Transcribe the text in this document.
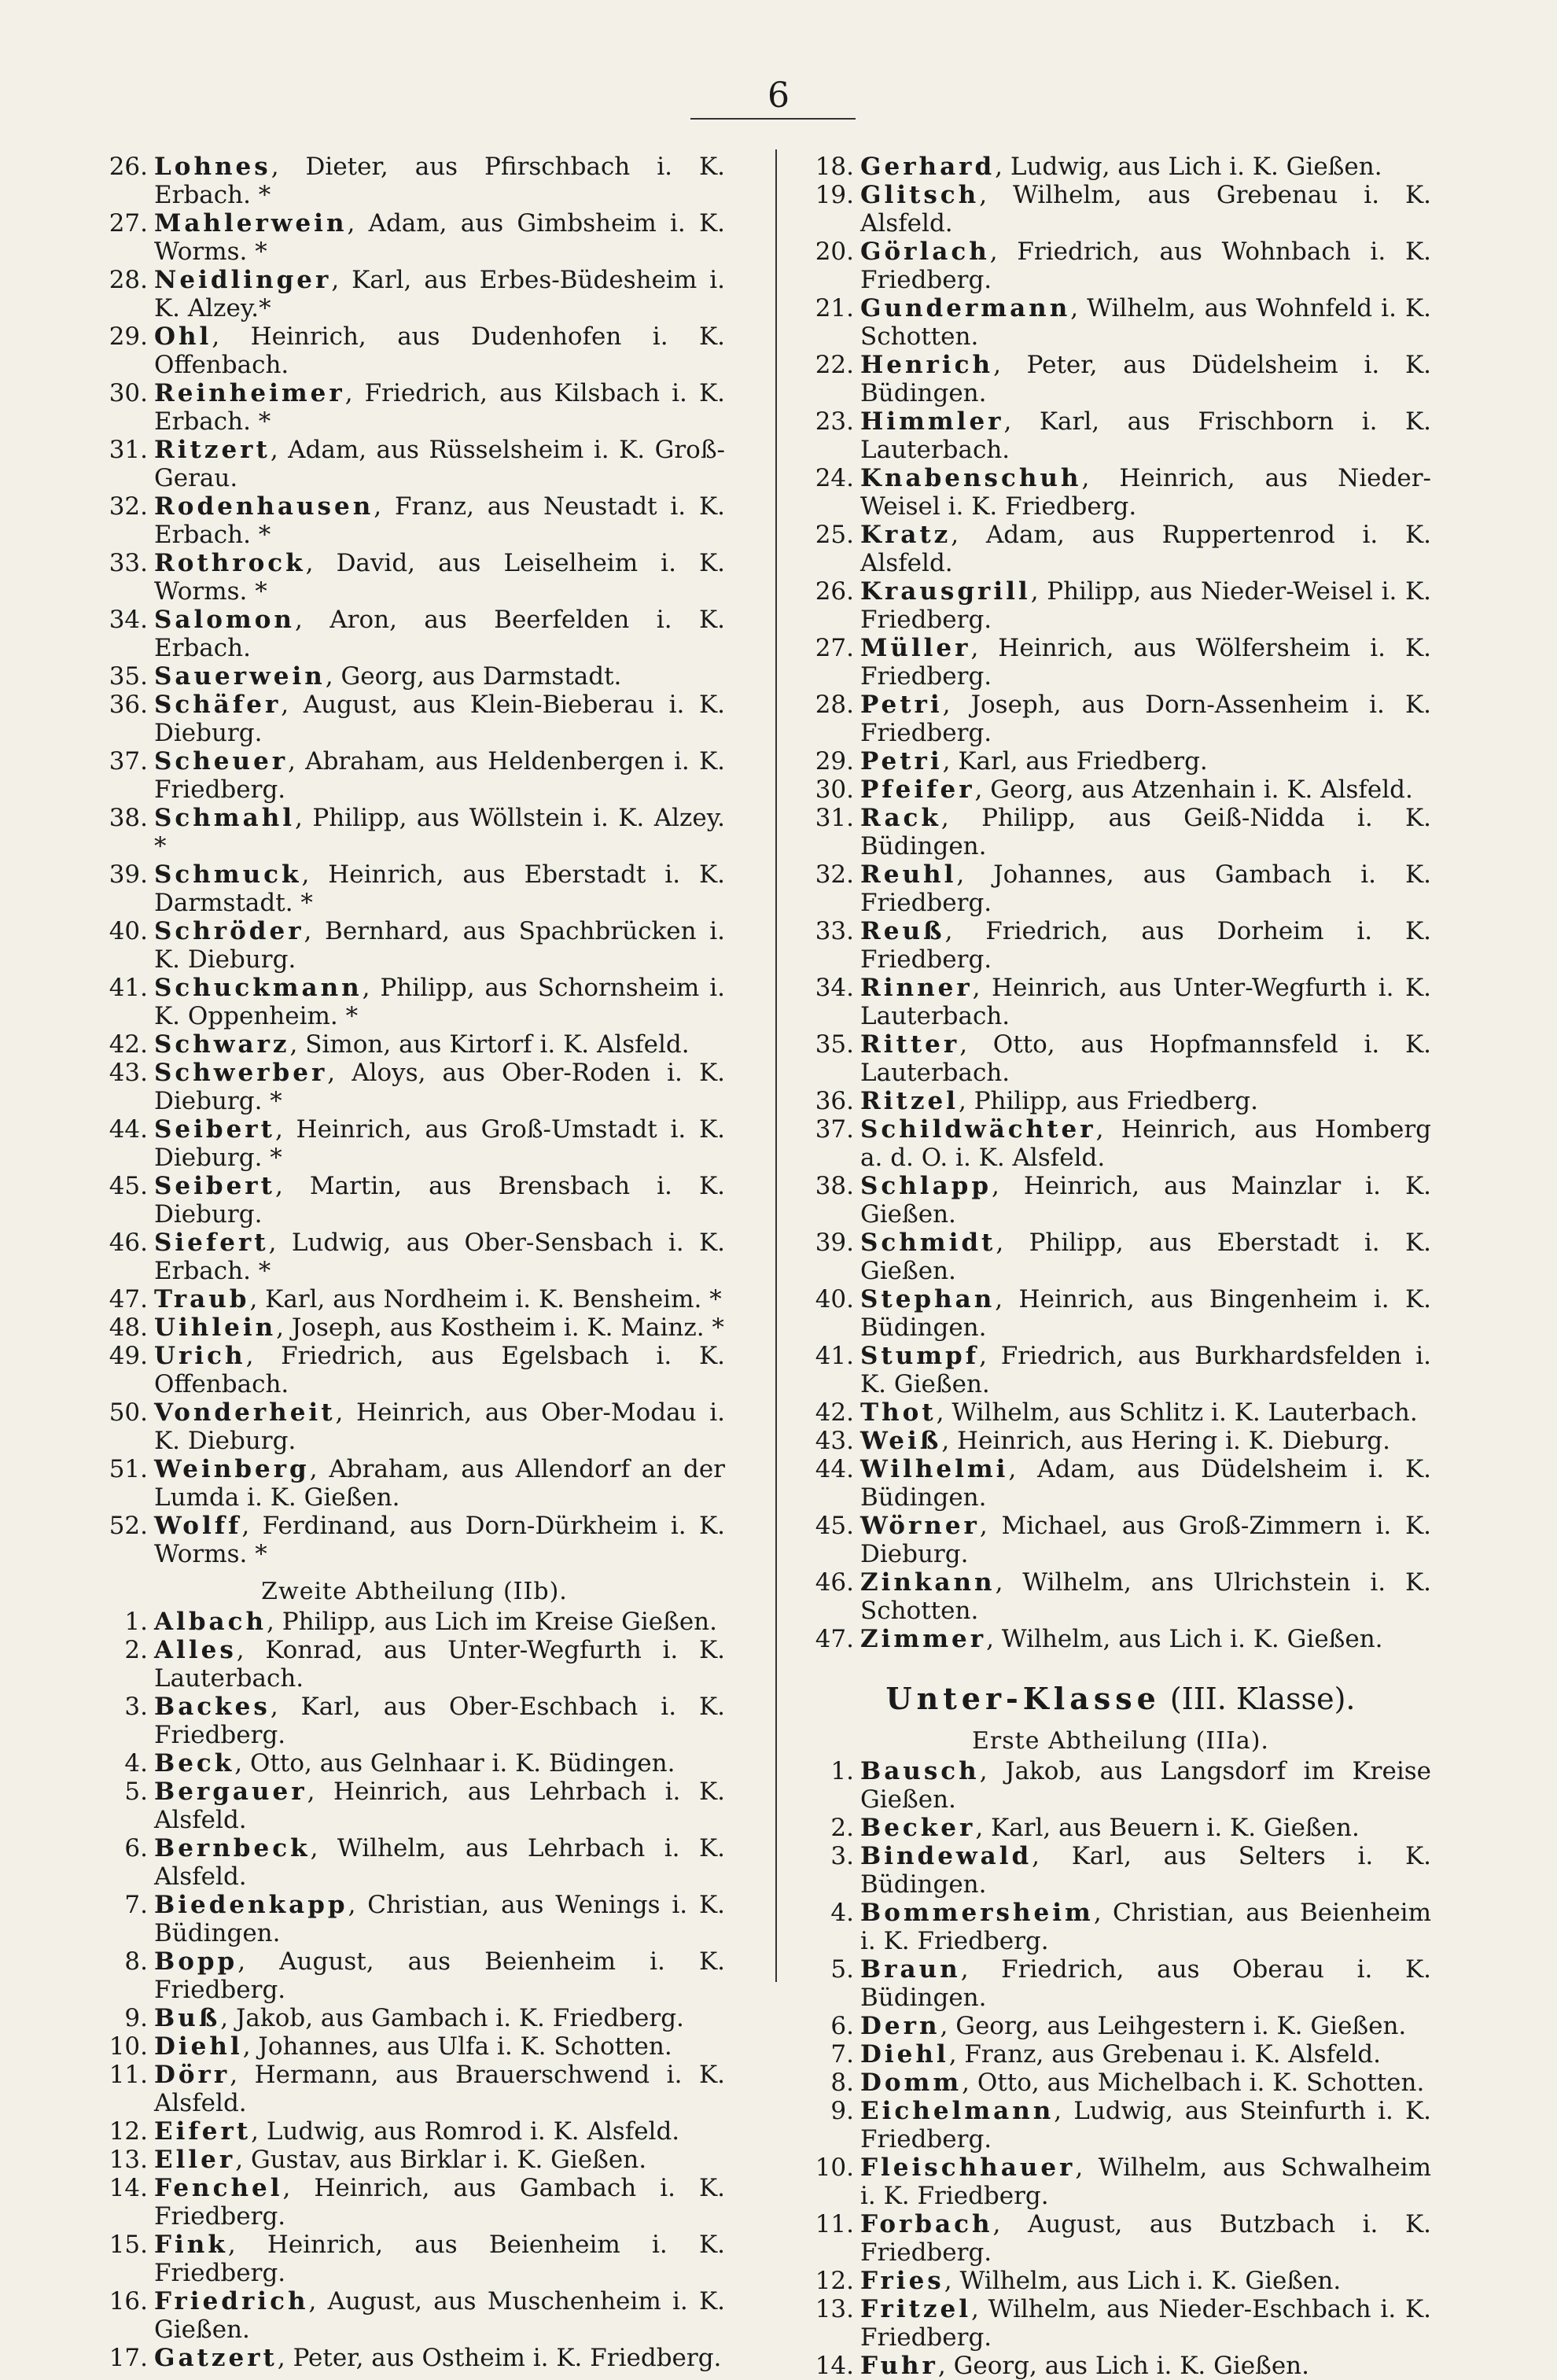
6
26. Lohnes, Dieter, aus Pfirschbach i. K. Erbach. *
27. Mahlerwein, Adam, aus Gimbsheim i. K. Worms. *
28. Neidlinger, Karl, aus Erbes-Büdesheim i. K. Alzey.*
29. Ohl, Heinrich, aus Dudenhofen i. K. Offenbach.
30. Reinheimer, Friedrich, aus Kilsbach i. K. Erbach. *
31. Ritzert, Adam, aus Rüsselsheim i. K. Groß-Gerau.
32. Rodenhausen, Franz, aus Neustadt i. K. Erbach. *
33. Rothrock, David, aus Leiselheim i. K. Worms. *
34. Salomon, Aron, aus Beerfelden i. K. Erbach.
35. Sauerwein, Georg, aus Darmstadt.
36. Schäfer, August, aus Klein-Bieberau i. K. Dieburg.
37. Scheuer, Abraham, aus Heldenbergen i. K. Friedberg.
38. Schmahl, Philipp, aus Wöllstein i. K. Alzey. *
39. Schmuck, Heinrich, aus Eberstadt i. K. Darmstadt. *
40. Schröder, Bernhard, aus Spachbrücken i. K. Dieburg.
41. Schuckmann, Philipp, aus Schornsheim i. K. Oppenheim. *
42. Schwarz, Simon, aus Kirtorf i. K. Alsfeld.
43. Schwerber, Aloys, aus Ober-Roden i. K. Dieburg. *
44. Seibert, Heinrich, aus Groß-Umstadt i. K. Dieburg. *
45. Seibert, Martin, aus Brensbach i. K. Dieburg.
46. Siefert, Ludwig, aus Ober-Sensbach i. K. Erbach. *
47. Traub, Karl, aus Nordheim i. K. Bensheim. *
48. Uihlein, Joseph, aus Kostheim i. K. Mainz. *
49. Urich, Friedrich, aus Egelsbach i. K. Offenbach.
50. Vonderheit, Heinrich, aus Ober-Modau i. K. Dieburg.
51. Weinberg, Abraham, aus Allendorf an der Lumda i. K. Gießen.
52. Wolff, Ferdinand, aus Dorn-Dürkheim i. K. Worms. *
Zweite Abtheilung (IIb).
1. Albach, Philipp, aus Lich im Kreise Gießen.
2. Alles, Konrad, aus Unter-Wegfurth i. K. Lauterbach.
3. Backes, Karl, aus Ober-Eschbach i. K. Friedberg.
4. Beck, Otto, aus Gelnhaar i. K. Büdingen.
5. Bergauer, Heinrich, aus Lehrbach i. K. Alsfeld.
6. Bernbeck, Wilhelm, aus Lehrbach i. K. Alsfeld.
7. Biedenkapp, Christian, aus Wenings i. K. Büdingen.
8. Bopp, August, aus Beienheim i. K. Friedberg.
9. Buß, Jakob, aus Gambach i. K. Friedberg.
10. Diehl, Johannes, aus Ulfa i. K. Schotten.
11. Dörr, Hermann, aus Brauerschwend i. K. Alsfeld.
12. Eifert, Ludwig, aus Romrod i. K. Alsfeld.
13. Eller, Gustav, aus Birklar i. K. Gießen.
14. Fenchel, Heinrich, aus Gambach i. K. Friedberg.
15. Fink, Heinrich, aus Beienheim i. K. Friedberg.
16. Friedrich, August, aus Muschenheim i. K. Gießen.
17. Gatzert, Peter, aus Ostheim i. K. Friedberg.
18. Gerhard, Ludwig, aus Lich i. K. Gießen.
19. Glitsch, Wilhelm, aus Grebenau i. K. Alsfeld.
20. Görlach, Friedrich, aus Wohnbach i. K. Friedberg.
21. Gundermann, Wilhelm, aus Wohnfeld i. K. Schotten.
22. Henrich, Peter, aus Düdelsheim i. K. Büdingen.
23. Himmler, Karl, aus Frischborn i. K. Lauterbach.
24. Knabenschuh, Heinrich, aus Nieder-Weisel i. K. Friedberg.
25. Kratz, Adam, aus Ruppertenrod i. K. Alsfeld.
26. Krausgrill, Philipp, aus Nieder-Weisel i. K. Friedberg.
27. Müller, Heinrich, aus Wölfersheim i. K. Friedberg.
28. Petri, Joseph, aus Dorn-Assenheim i. K. Friedberg.
29. Petri, Karl, aus Friedberg.
30. Pfeifer, Georg, aus Atzenhain i. K. Alsfeld.
31. Rack, Philipp, aus Geiß-Nidda i. K. Büdingen.
32. Reuhl, Johannes, aus Gambach i. K. Friedberg.
33. Reuß, Friedrich, aus Dorheim i. K. Friedberg.
34. Rinner, Heinrich, aus Unter-Wegfurth i. K. Lauterbach.
35. Ritter, Otto, aus Hopfmannsfeld i. K. Lauterbach.
36. Ritzel, Philipp, aus Friedberg.
37. Schildwächter, Heinrich, aus Homberg a. d. O. i. K. Alsfeld.
38. Schlapp, Heinrich, aus Mainzlar i. K. Gießen.
39. Schmidt, Philipp, aus Eberstadt i. K. Gießen.
40. Stephan, Heinrich, aus Bingenheim i. K. Büdingen.
41. Stumpf, Friedrich, aus Burkhardsfelden i. K. Gießen.
42. Thot, Wilhelm, aus Schlitz i. K. Lauterbach.
43. Weiß, Heinrich, aus Hering i. K. Dieburg.
44. Wilhelmi, Adam, aus Düdelsheim i. K. Büdingen.
45. Wörner, Michael, aus Groß-Zimmern i. K. Dieburg.
46. Zinkann, Wilhelm, ans Ulrichstein i. K. Schotten.
47. Zimmer, Wilhelm, aus Lich i. K. Gießen.
Unter-Klasse (III. Klasse).
Erste Abtheilung (IIIa).
1. Bausch, Jakob, aus Langsdorf im Kreise Gießen.
2. Becker, Karl, aus Beuern i. K. Gießen.
3. Bindewald, Karl, aus Selters i. K. Büdingen.
4. Bommersheim, Christian, aus Beienheim i. K. Friedberg.
5. Braun, Friedrich, aus Oberau i. K. Büdingen.
6. Dern, Georg, aus Leihgestern i. K. Gießen.
7. Diehl, Franz, aus Grebenau i. K. Alsfeld.
8. Domm, Otto, aus Michelbach i. K. Schotten.
9. Eichelmann, Ludwig, aus Steinfurth i. K. Friedberg.
10. Fleischhauer, Wilhelm, aus Schwalheim i. K. Friedberg.
11. Forbach, August, aus Butzbach i. K. Friedberg.
12. Fries, Wilhelm, aus Lich i. K. Gießen.
13. Fritzel, Wilhelm, aus Nieder-Eschbach i. K. Friedberg.
14. Fuhr, Georg, aus Lich i. K. Gießen.
